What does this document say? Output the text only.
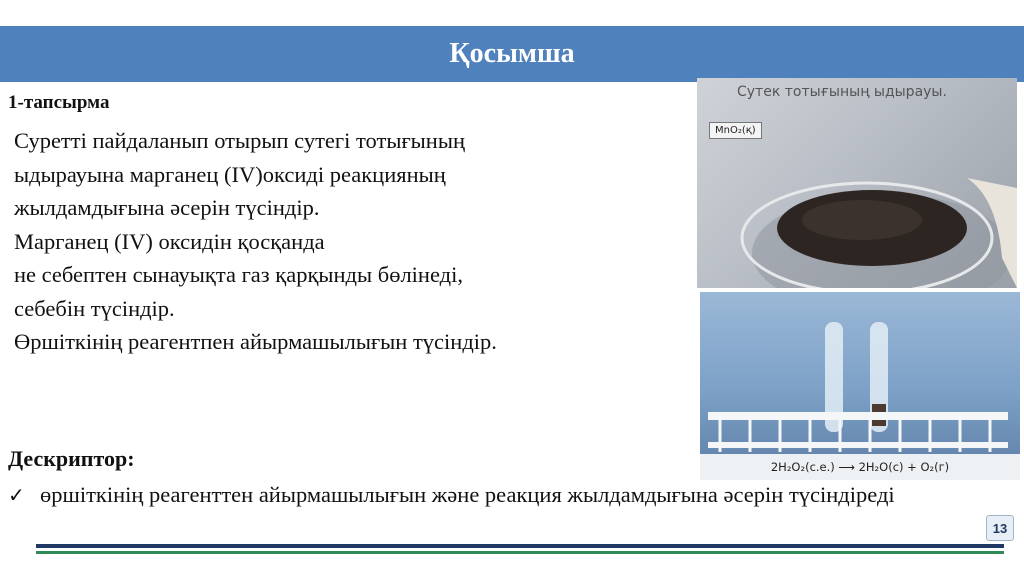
Қосымша
1-тапсырма
Суретті пайдаланып отырып сутегі тотығының
ыдырауына марганец (IV)оксиді реакцияның
жылдамдығына әсерін түсіндір.
Марганец (IV) оксидін қосқанда
не себептен сынауықта газ қарқынды бөлінеді,
себебін түсіндір.
Өршіткінің реагентпен айырмашылығын түсіндір.
Сутек тотығының ыдырауы.
MnO₂(қ)
2H₂O₂(с.е.) ⟶ 2H₂O(с) + O₂(г)
Дескриптор:
✓ өршіткінің реагенттен айырмашылығын және реакция жылдамдығына әсерін түсіндіреді
13
